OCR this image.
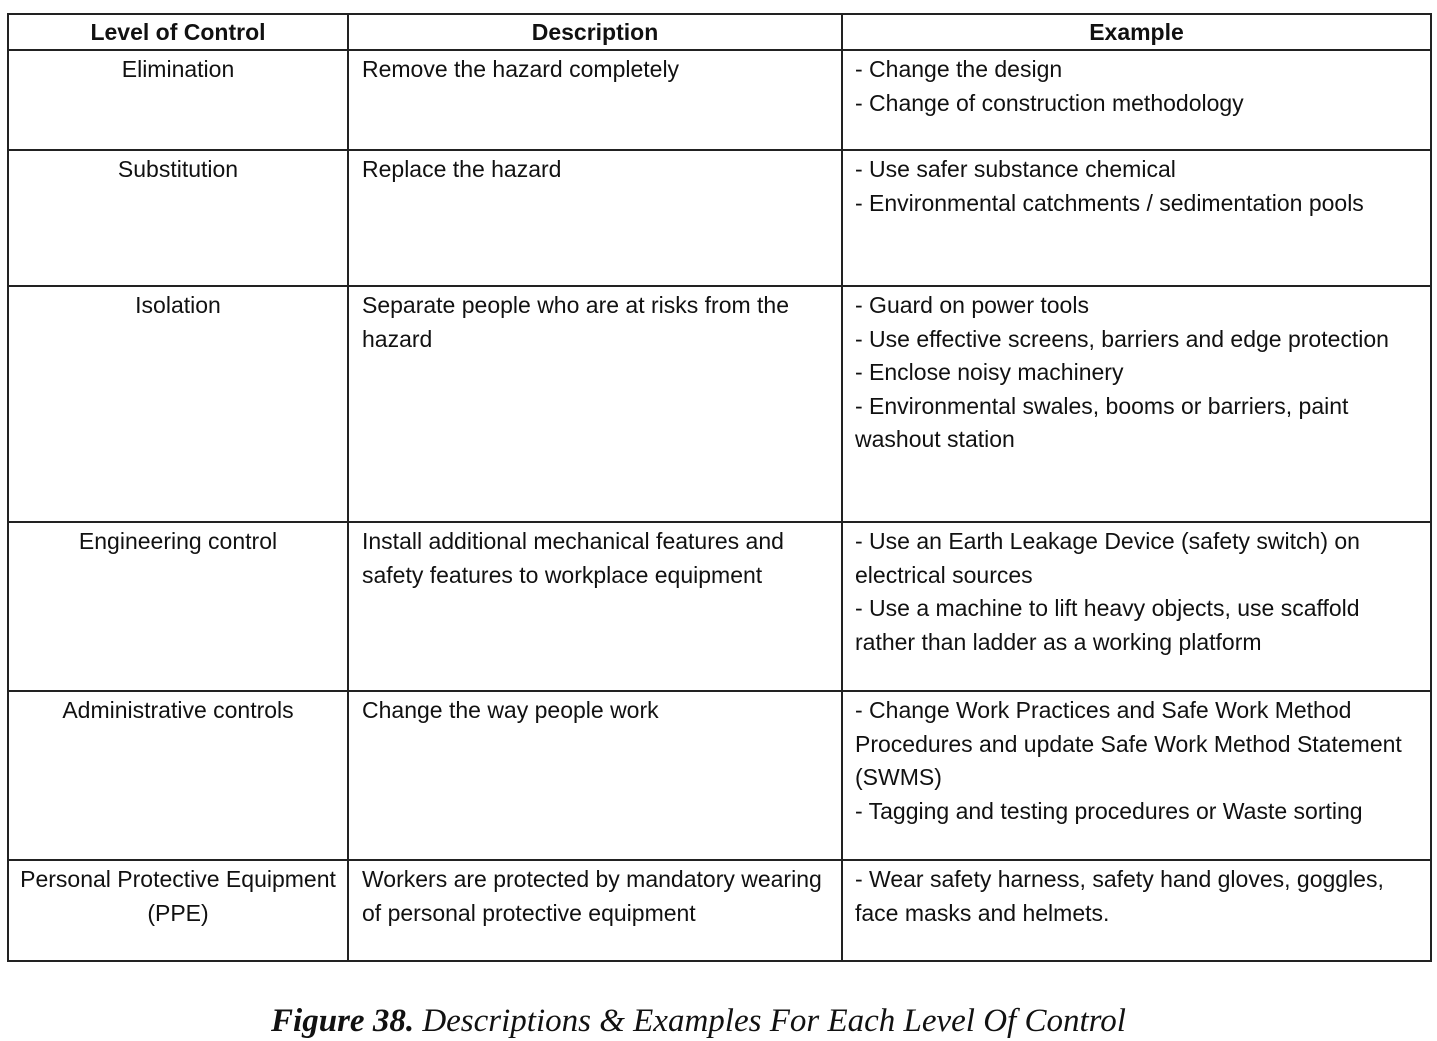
Level of Control	Description	Example
Elimination	Remove the hazard completely	- Change the design
- Change of construction methodology

Substitution	Replace the hazard	- Use safer substance chemical
- Environmental catchments / sedimentation pools

Isolation	Separate people who are at risks from the hazard	- Guard on power tools
- Use effective screens, barriers and edge protection
- Enclose noisy machinery
- Environmental swales, booms or barriers, paint washout station

Engineering control	Install additional mechanical features and safety features to workplace equipment	- Use an Earth Leakage Device (safety switch) on electrical sources
- Use a machine to lift heavy objects, use scaffold rather than ladder as a working platform

Administrative controls	Change the way people work	- Change Work Practices and Safe Work Method Procedures and update Safe Work Method Statement (SWMS)
- Tagging and testing procedures or Waste sorting

Personal Protective Equipment (PPE)	Workers are protected by mandatory wearing of personal protective equipment	- Wear safety harness, safety hand gloves, goggles, face masks and helmets.
Figure 38. Descriptions & Examples For Each Level Of Control
